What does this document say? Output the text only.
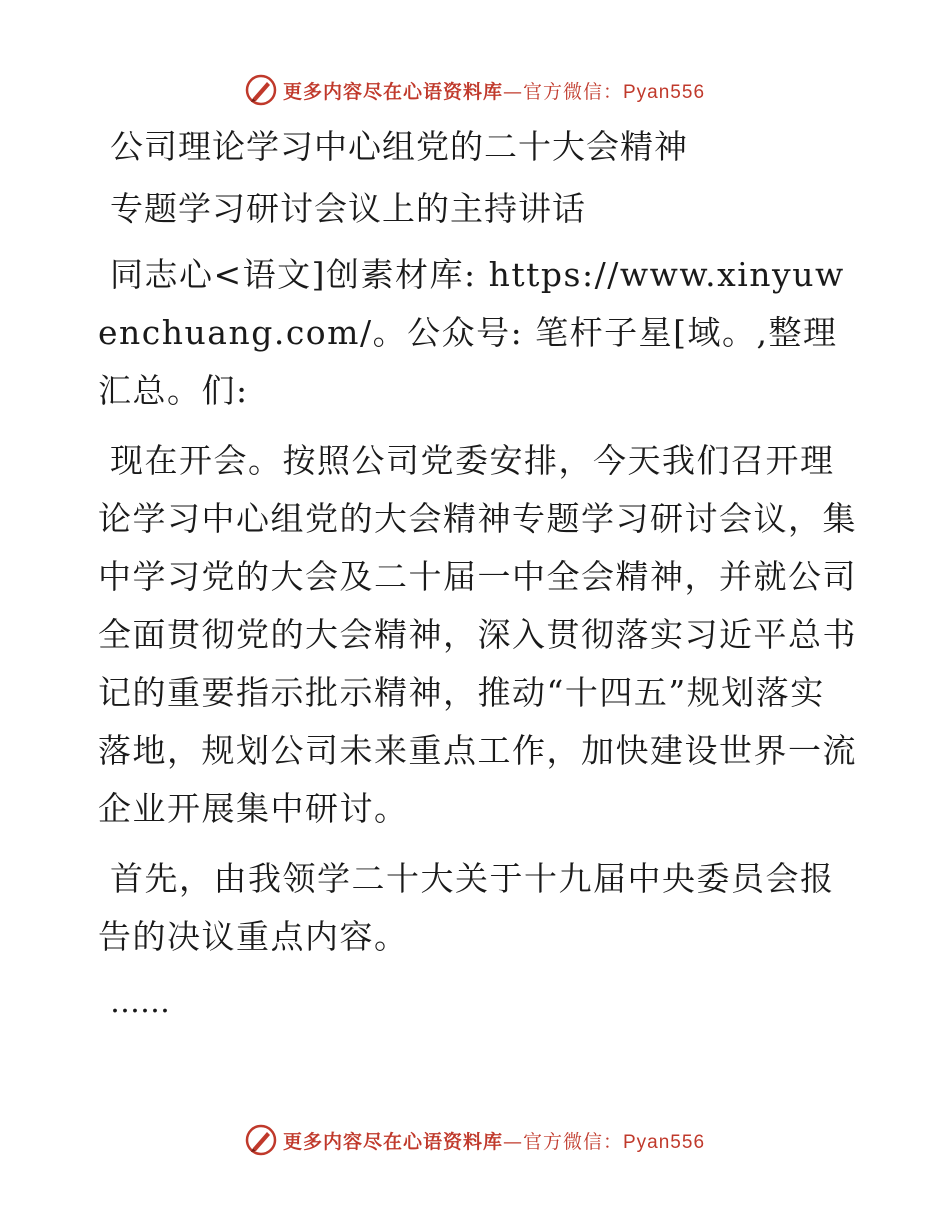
更多内容尽在心语资料库—官方微信：Pyan556
公司理论学习中心组党的二十大会精神
专题学习研讨会议上的主持讲话

同志心<语文]创素材库: https://www.xinyuwenchuang.com/。公众号: 笔杆子星[域。,整理汇总。们:

现在开会。按照公司党委安排，今天我们召开理论学习中心组党的大会精神专题学习研讨会议，集中学习党的大会及二十届一中全会精神，并就公司全面贯彻党的大会精神，深入贯彻落实习近平总书记的重要指示批示精神，推动“十四五”规划落实落地，规划公司未来重点工作，加快建设世界一流企业开展集中研讨。

首先，由我领学二十大关于十九届中央委员会报告的决议重点内容。

……
更多内容尽在心语资料库—官方微信：Pyan556
